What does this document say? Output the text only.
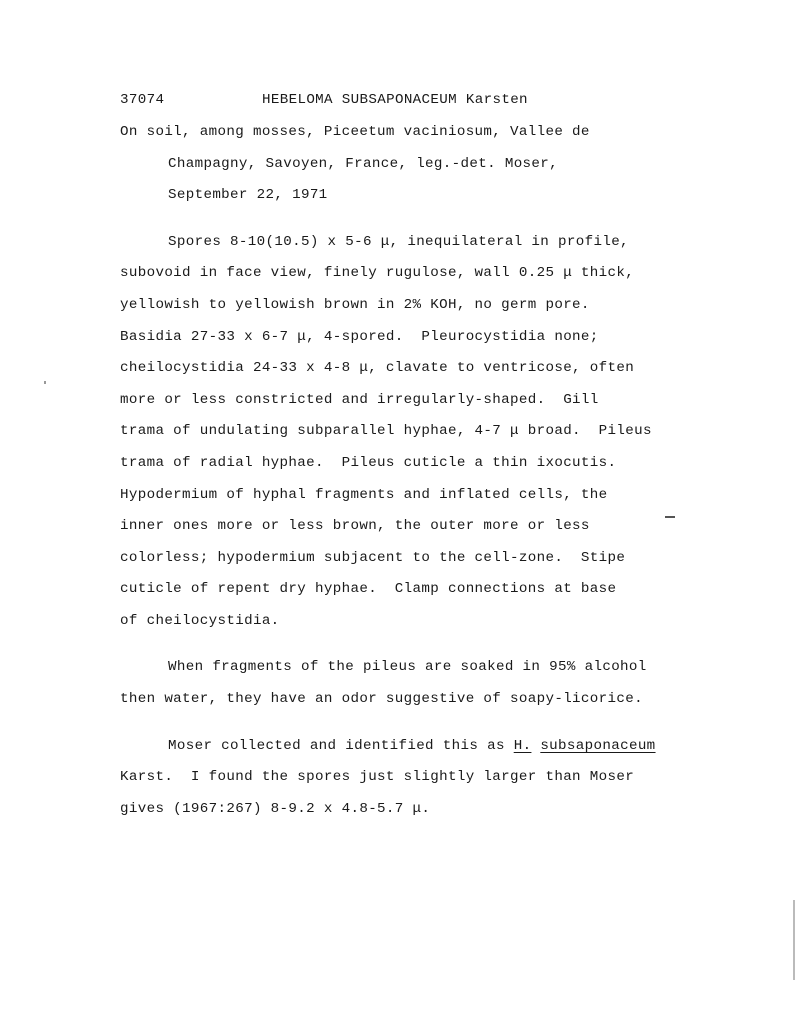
37074	HEBELOMA SUBSAPONACEUM Karsten
On soil, among mosses, Piceetum vaciniosum, Vallee de
Champagny, Savoyen, France, leg.-det. Moser,
September 22, 1971
Spores 8-10(10.5) x 5-6 μ, inequilateral in profile,
subovoid in face view, finely rugulose, wall 0.25 μ thick,
yellowish to yellowish brown in 2% KOH, no germ pore.
Basidia 27-33 x 6-7 μ, 4-spored.  Pleurocystidia none;
cheilocystidia 24-33 x 4-8 μ, clavate to ventricose, often
more or less constricted and irregularly-shaped.  Gill
trama of undulating subparallel hyphae, 4-7 μ broad.  Pileus
trama of radial hyphae.  Pileus cuticle a thin ixocutis.
Hypodermium of hyphal fragments and inflated cells, the
inner ones more or less brown, the outer more or less
colorless; hypodermium subjacent to the cell-zone.  Stipe
cuticle of repent dry hyphae.  Clamp connections at base
of cheilocystidia.
When fragments of the pileus are soaked in 95% alcohol
then water, they have an odor suggestive of soapy-licorice.
Moser collected and identified this as H. subsaponaceum
Karst.  I found the spores just slightly larger than Moser
gives (1967:267) 8-9.2 x 4.8-5.7 μ.
